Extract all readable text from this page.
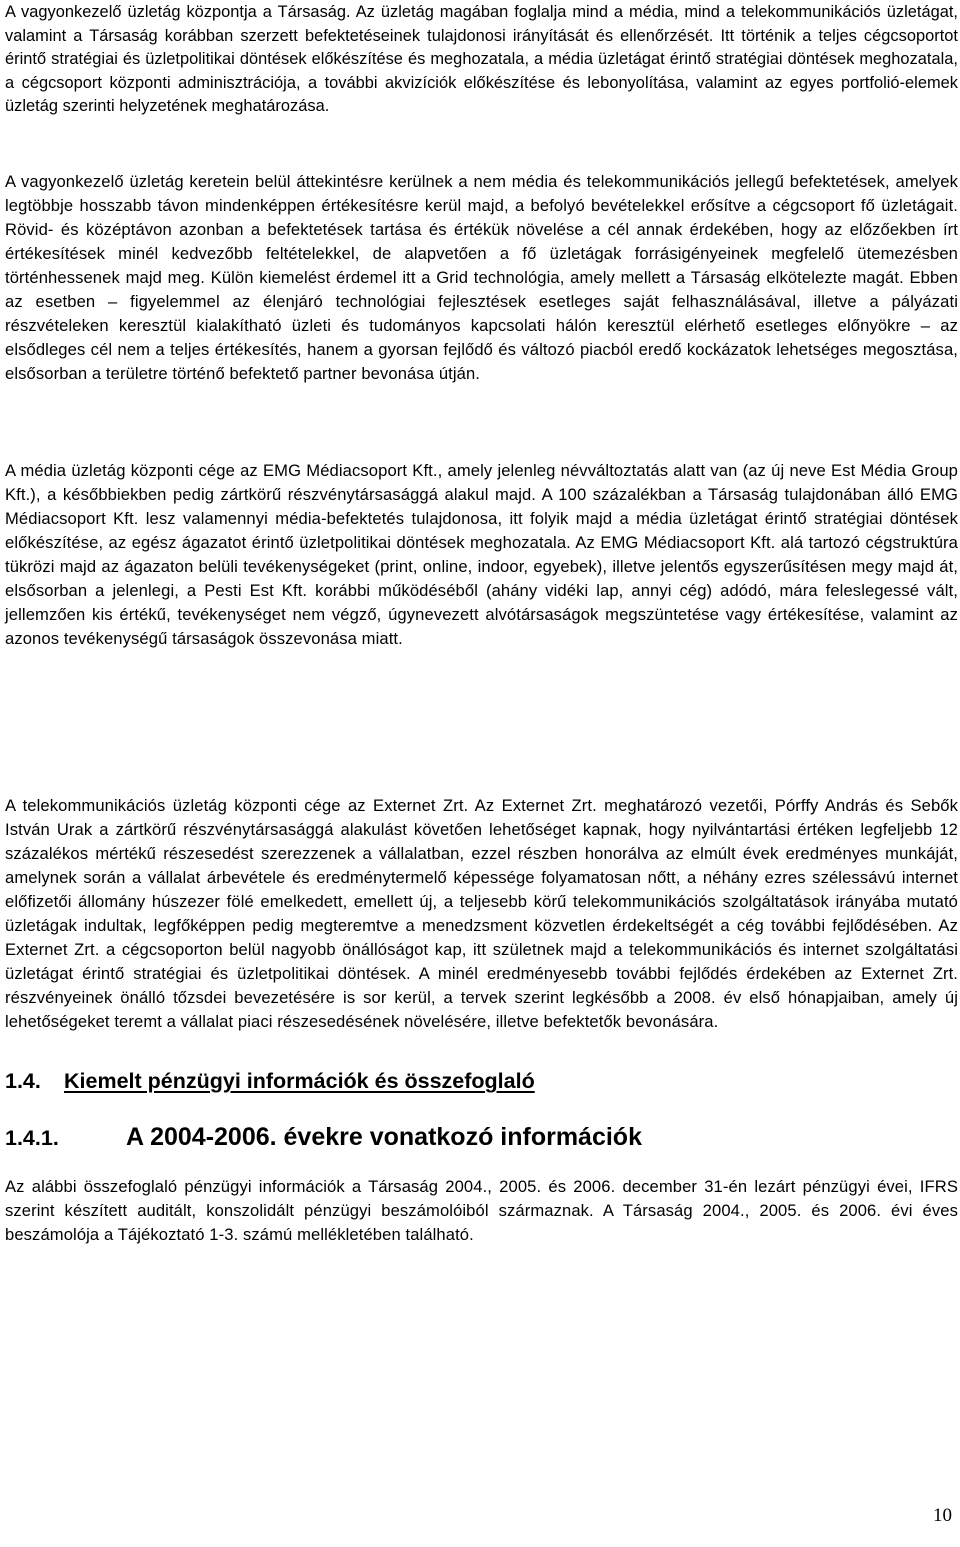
A vagyonkezelő üzletág központja a Társaság. Az üzletág magában foglalja mind a média, mind a telekommunikációs üzletágat, valamint a Társaság korábban szerzett befektetéseinek tulajdonosi irányítását és ellenőrzését. Itt történik a teljes cégcsoportot érintő stratégiai és üzletpolitikai döntések előkészítése és meghozatala, a média üzletágat érintő stratégiai döntések meghozatala, a cégcsoport központi adminisztrációja, a további akvizíciók előkészítése és lebonyolítása, valamint az egyes portfolió-elemek üzletág szerinti helyzetének meghatározása.

A vagyonkezelő üzletág keretein belül áttekintésre kerülnek a nem média és telekommunikációs jellegű befektetések, amelyek legtöbbje hosszabb távon mindenképpen értékesítésre kerül majd, a befolyó bevételekkel erősítve a cégcsoport fő üzletágait. Rövid- és középtávon azonban a befektetések tartása és értékük növelése a cél annak érdekében, hogy az előzőekben írt értékesítések minél kedvezőbb feltételekkel, de alapvetően a fő üzletágak forrásigényeinek megfelelő ütemezésben történhessenek majd meg. Külön kiemelést érdemel itt a Grid technológia, amely mellett a Társaság elkötelezte magát. Ebben az esetben – figyelemmel az élenjáró technológiai fejlesztések esetleges saját felhasználásával, illetve a pályázati részvételeken keresztül kialakítható üzleti és tudományos kapcsolati hálón keresztül elérhető esetleges előnyökre – az elsődleges cél nem a teljes értékesítés, hanem a gyorsan fejlődő és változó piacból eredő kockázatok lehetséges megosztása, elsősorban a területre történő befektető partner bevonása útján.

A média üzletág központi cége az EMG Médiacsoport Kft., amely jelenleg névváltoztatás alatt van (az új neve Est Média Group Kft.), a későbbiekben pedig zártkörű részvénytársasággá alakul majd. A 100 százalékban a Társaság tulajdonában álló EMG Médiacsoport Kft. lesz valamennyi média-befektetés tulajdonosa, itt folyik majd a média üzletágat érintő stratégiai döntések előkészítése, az egész ágazatot érintő üzletpolitikai döntések meghozatala. Az EMG Médiacsoport Kft. alá tartozó cégstruktúra tükrözi majd az ágazaton belüli tevékenységeket (print, online, indoor, egyebek), illetve jelentős egyszerűsítésen megy majd át, elsősorban a jelenlegi, a Pesti Est Kft. korábbi működéséből (ahány vidéki lap, annyi cég) adódó, mára feleslegessé vált, jellemzően kis értékű, tevékenységet nem végző, úgynevezett alvótársaságok megszüntetése vagy értékesítése, valamint az azonos tevékenységű társaságok összevonása miatt.

A telekommunikációs üzletág központi cége az Externet Zrt. Az Externet Zrt. meghatározó vezetői, Pórffy András és Sebők István Urak a zártkörű részvénytársasággá alakulást követően lehetőséget kapnak, hogy nyilvántartási értéken legfeljebb 12 százalékos mértékű részesedést szerezzenek a vállalatban, ezzel részben honorálva az elmúlt évek eredményes munkáját, amelynek során a vállalat árbevétele és eredménytermelő képessége folyamatosan nőtt, a néhány ezres szélessávú internet előfizetői állomány húszezer fölé emelkedett, emellett új, a teljesebb körű telekommunikációs szolgáltatások irányába mutató üzletágak indultak, legfőképpen pedig megteremtve a menedzsment közvetlen érdekeltségét a cég további fejlődésében. Az Externet Zrt. a cégcsoporton belül nagyobb önállóságot kap, itt születnek majd a telekommunikációs és internet szolgáltatási üzletágat érintő stratégiai és üzletpolitikai döntések. A minél eredményesebb további fejlődés érdekében az Externet Zrt. részvényeinek önálló tőzsdei bevezetésére is sor kerül, a tervek szerint legkésőbb a 2008. év első hónapjaiban, amely új lehetőségeket teremt a vállalat piaci részesedésének növelésére, illetve befektetők bevonására.

1.4. Kiemelt pénzügyi információk és összefoglaló
1.4.1.	A 2004-2006. évekre vonatkozó információk

Az alábbi összefoglaló pénzügyi információk a Társaság 2004., 2005. és 2006. december 31-én lezárt pénzügyi évei, IFRS szerint készített auditált, konszolidált pénzügyi beszámolóiból származnak. A Társaság 2004., 2005. és 2006. évi éves beszámolója a Tájékoztató 1-3. számú mellékletében található.

10
